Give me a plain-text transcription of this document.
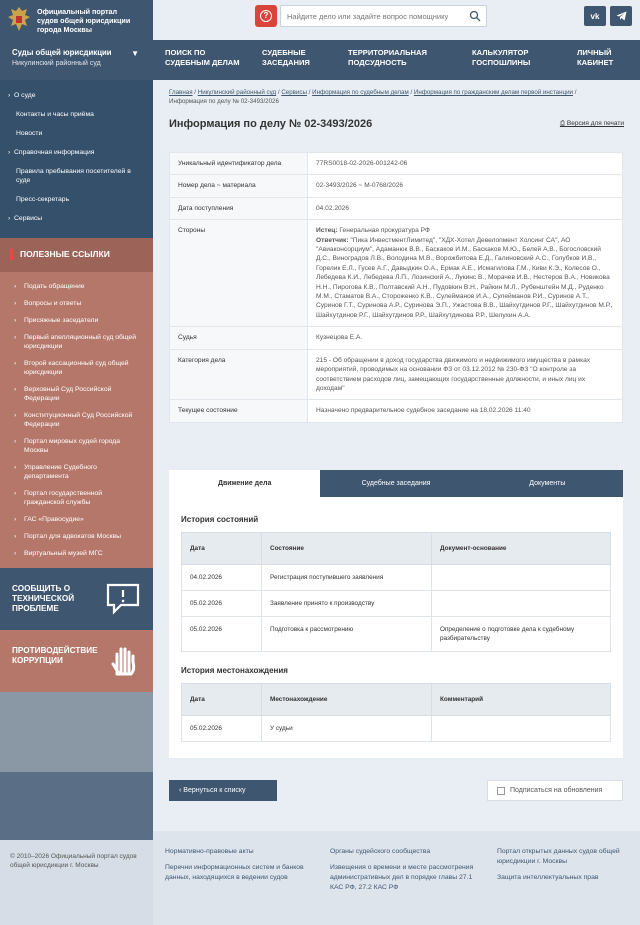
Официальный портал
судов общей юрисдикции
города Москвы
?
Найдите дело или задайте вопрос помощнику	vk
Суды общей юрисдикции
Никулинский районный суд
▼	ПОИСК ПО
СУДЕБНЫМ ДЕЛАМ
СУДЕБНЫЕ
ЗАСЕДАНИЯ
ТЕРРИТОРИАЛЬНАЯ
ПОДСУДНОСТЬ
КАЛЬКУЛЯТОР
ГОСПОШЛИНЫ
ЛИЧНЫЙ
КАБИНЕТ
› О суде
Контакты и часы приёма
Новости
› Справочная информация
Правила пребывания посетителей в суде
Пресс-секретарь
› Сервисы
ПОЛЕЗНЫЕ ССЫЛКИ
› Подать обращение
› Вопросы и ответы
› Присяжные заседатели
› Первый апелляционный суд общей юрисдикции
› Второй кассационный суд общей юрисдикции
› Верховный Суд Российской Федерации
› Конституционный Суд Российской Федерации
› Портал мировых судей города Москвы
› Управление Судебного департамента
› Портал государственной гражданской службы
› ГАС «Правосудие»
› Портал для адвокатов Москвы
› Виртуальный музей МГС
СООБЩИТЬ О ТЕХНИЧЕСКОЙ ПРОБЛЕМЕ
ПРОТИВОДЕЙСТВИЕ КОРРУПЦИИ
© 2010–2026 Официальный портал судов общей юрисдикции г. Москвы
Главная / Никулинский районный суд / Сервисы / Информация по судебным делам / Информация по гражданским делам первой инстанции /
Информация по делу № 02-3493/2026
Информация по делу № 02-3493/2026	⎙ Версия для печати
Уникальный идентификатор дела	77RS0018-02-2026-001242-06
Номер дела ~ материала	02-3493/2026 ~ М-0768/2026
Дата поступления	04.02.2026
Стороны	Истец: Генеральная прокуратура РФ
Ответчик: "Пика ИнвестментЛимитед", "ХДХ-Хотел Девелопмент Холсинг СА", АО "Авиаконсорциум", Адаманюк В.В., Баскаков И.М., Баскаков М.Ю., Белей А.В., Богословский Д.С., Виноградов Л.В., Володина М.В., Ворожбитова Е.Д., Галиновский А.С., Голубков И.В., Горелик Е.Л., Гусев А.Г., Давыдкин О.А., Ермак А.Е., Исмагилова Г.М., Киви К.Э., Колесов О., Лебедева К.И., Лебедева Л.П., Лозинский А., Лукинс В., Морачев И.В., Нестеров В.А., Новикова Н.Н., Пирогова К.В., Полтавский А.Н., Пудовкин В.Н., Райкин М.Л., Рубенштейн М.Д., Руденко М.М., Стаматов В.А., Стороженко К.В., Сулейманов И.А., Сулейманов Р.И., Суринов А.Т., Суринов Г.Т., Суринова А.Р., Суринова Э.П., Ужастова В.В., Шайхутдинов Р.Г., Шайхутдинов М.Р., Шайхутдинов Р.Г., Шайхутдинов Р.Р., Шайхутдинова Р.Р., Шелухин А.А.
Судья	Кузнецова Е.А.
Категория дела	215 - Об обращении в доход государства движимого и недвижимого имущества в рамках мероприятий, проводимых на основании ФЗ от 03.12.2012 № 230-ФЗ "О контроле за соответствием расходов лиц, замещающих государственные должности, и иных лиц их доходам"
Текущее состояние	Назначено предварительное судебное заседание на 18.02.2026 11:40
Движение дела	Судебные заседания	Документы
История состояний
Дата	Состояние	Документ-основание
04.02.2026	Регистрация поступившего заявления	
05.02.2026	Заявление принято к производству	
05.02.2026	Подготовка к рассмотрению	Определение о подготовке дела к судебному разбирательству
История местонахождения
Дата	Местонахождение	Комментарий
05.02.2026	У судьи	
‹ Вернуться к списку	Подписаться на обновления
Нормативно-правовые акты
Перечни информационных систем и банков данных, находящихся в ведении судов
Органы судейского сообщества
Извещения о времени и месте рассмотрения административных дел в порядке главы 27.1 КАС РФ, 27.2 КАС РФ
Портал открытых данных судов общей юрисдикции г. Москвы
Защита интеллектуальных прав
